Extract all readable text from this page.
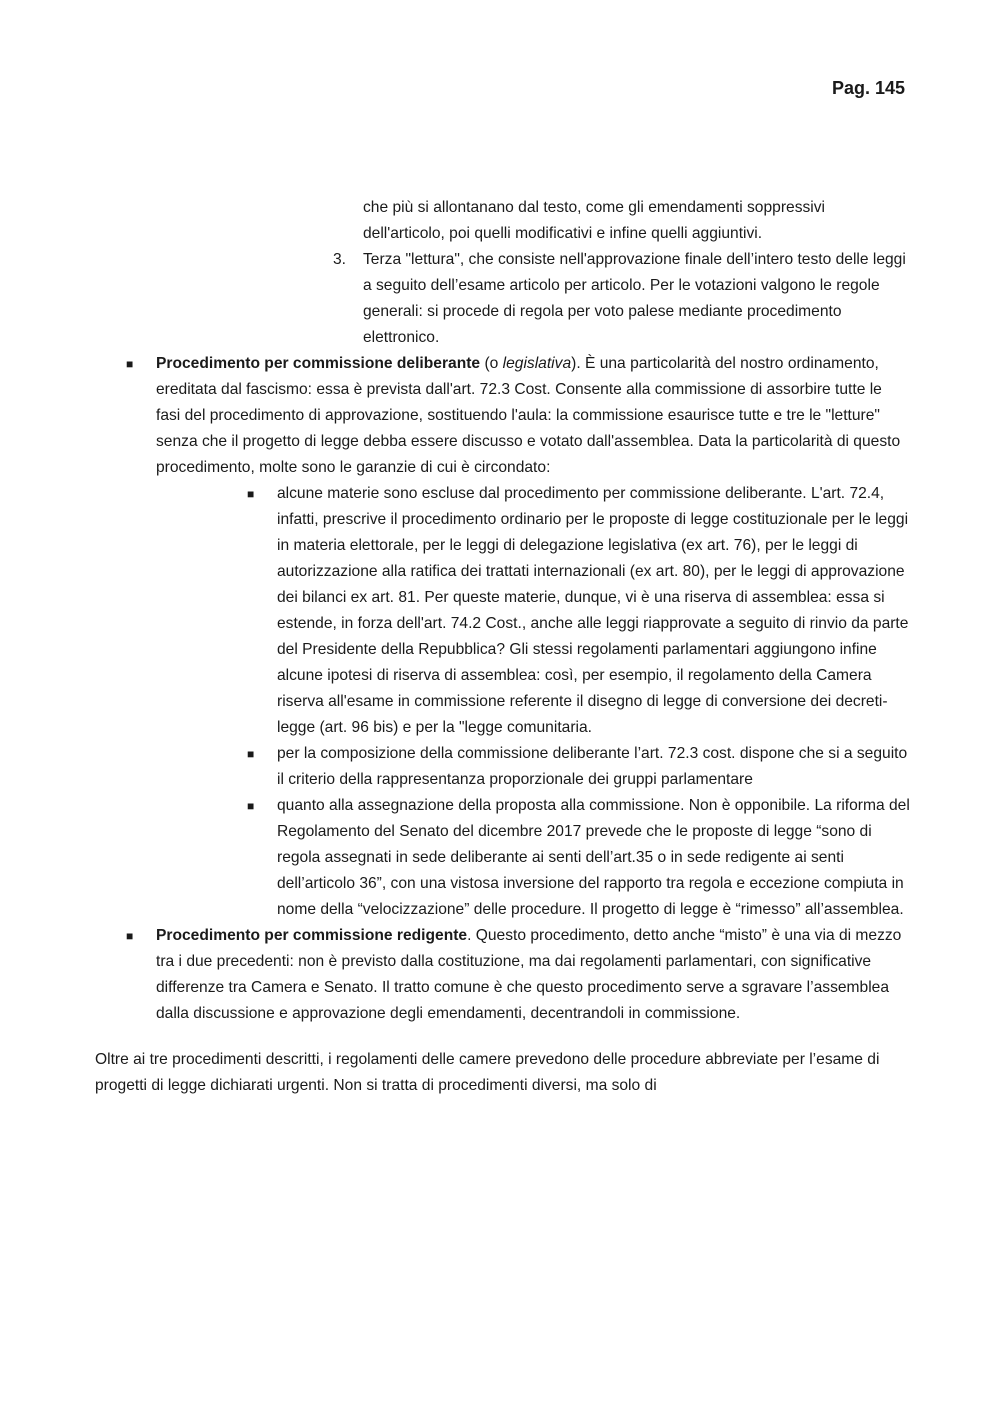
Pag. 145
che più si allontanano dal testo, come gli emendamenti soppressivi dell'articolo, poi quelli modificativi e infine quelli aggiuntivi.
3. Terza "lettura", che consiste nell'approvazione finale dell’intero testo delle leggi a seguito dell’esame articolo per articolo. Per le votazioni valgono le regole generali: si procede di regola per voto palese mediante procedimento elettronico.
■ Procedimento per commissione deliberante (o legislativa). È una particolarità del nostro ordinamento, ereditata dal fascismo: essa è prevista dall'art. 72.3 Cost. Consente alla commissione di assorbire tutte le fasi del procedimento di approvazione, sostituendo l'aula: la commissione esaurisce tutte e tre le "letture" senza che il progetto di legge debba essere discusso e votato dall'assemblea. Data la particolarità di questo procedimento, molte sono le garanzie di cui è circondato:
■ alcune materie sono escluse dal procedimento per commissione deliberante. L'art. 72.4, infatti, prescrive il procedimento ordinario per le proposte di legge costituzionale per le leggi in materia elettorale, per le leggi di delegazione legislativa (ex art. 76), per le leggi di autorizzazione alla ratifica dei trattati internazionali (ex art. 80), per le leggi di approvazione dei bilanci ex art. 81. Per queste materie, dunque, vi è una riserva di assemblea: essa si estende, in forza dell'art. 74.2 Cost., anche alle leggi riapprovate a seguito di rinvio da parte del Presidente della Repubblica? Gli stessi regolamenti parlamentari aggiungono infine alcune ipotesi di riserva di assemblea: così, per esempio, il regolamento della Camera riserva all'esame in commissione referente il disegno di legge di conversione dei decreti-legge (art. 96 bis) e per la "legge comunitaria.
■ per la composizione della commissione deliberante l’art. 72.3 cost. dispone che si a seguito il criterio della rappresentanza proporzionale dei gruppi parlamentare
■ quanto alla assegnazione della proposta alla commissione. Non è opponibile. La riforma del Regolamento del Senato del dicembre 2017 prevede che le proposte di legge “sono di regola assegnati in sede deliberante ai senti dell’art.35 o in sede redigente ai senti dell’articolo 36”, con una vistosa inversione del rapporto tra regola e eccezione compiuta in nome della “velocizzazione” delle procedure. Il progetto di legge è “rimesso” all’assemblea.
■ Procedimento per commissione redigente. Questo procedimento, detto anche “misto” è una via di mezzo tra i due precedenti: non è previsto dalla costituzione, ma dai regolamenti parlamentari, con significative differenze tra Camera e Senato. Il tratto comune è che questo procedimento serve a sgravare l’assemblea dalla discussione e approvazione degli emendamenti, decentrandoli in commissione.
Oltre ai tre procedimenti descritti, i regolamenti delle camere prevedono delle procedure abbreviate per l’esame di progetti di legge dichiarati urgenti. Non si tratta di procedimenti diversi, ma solo di
